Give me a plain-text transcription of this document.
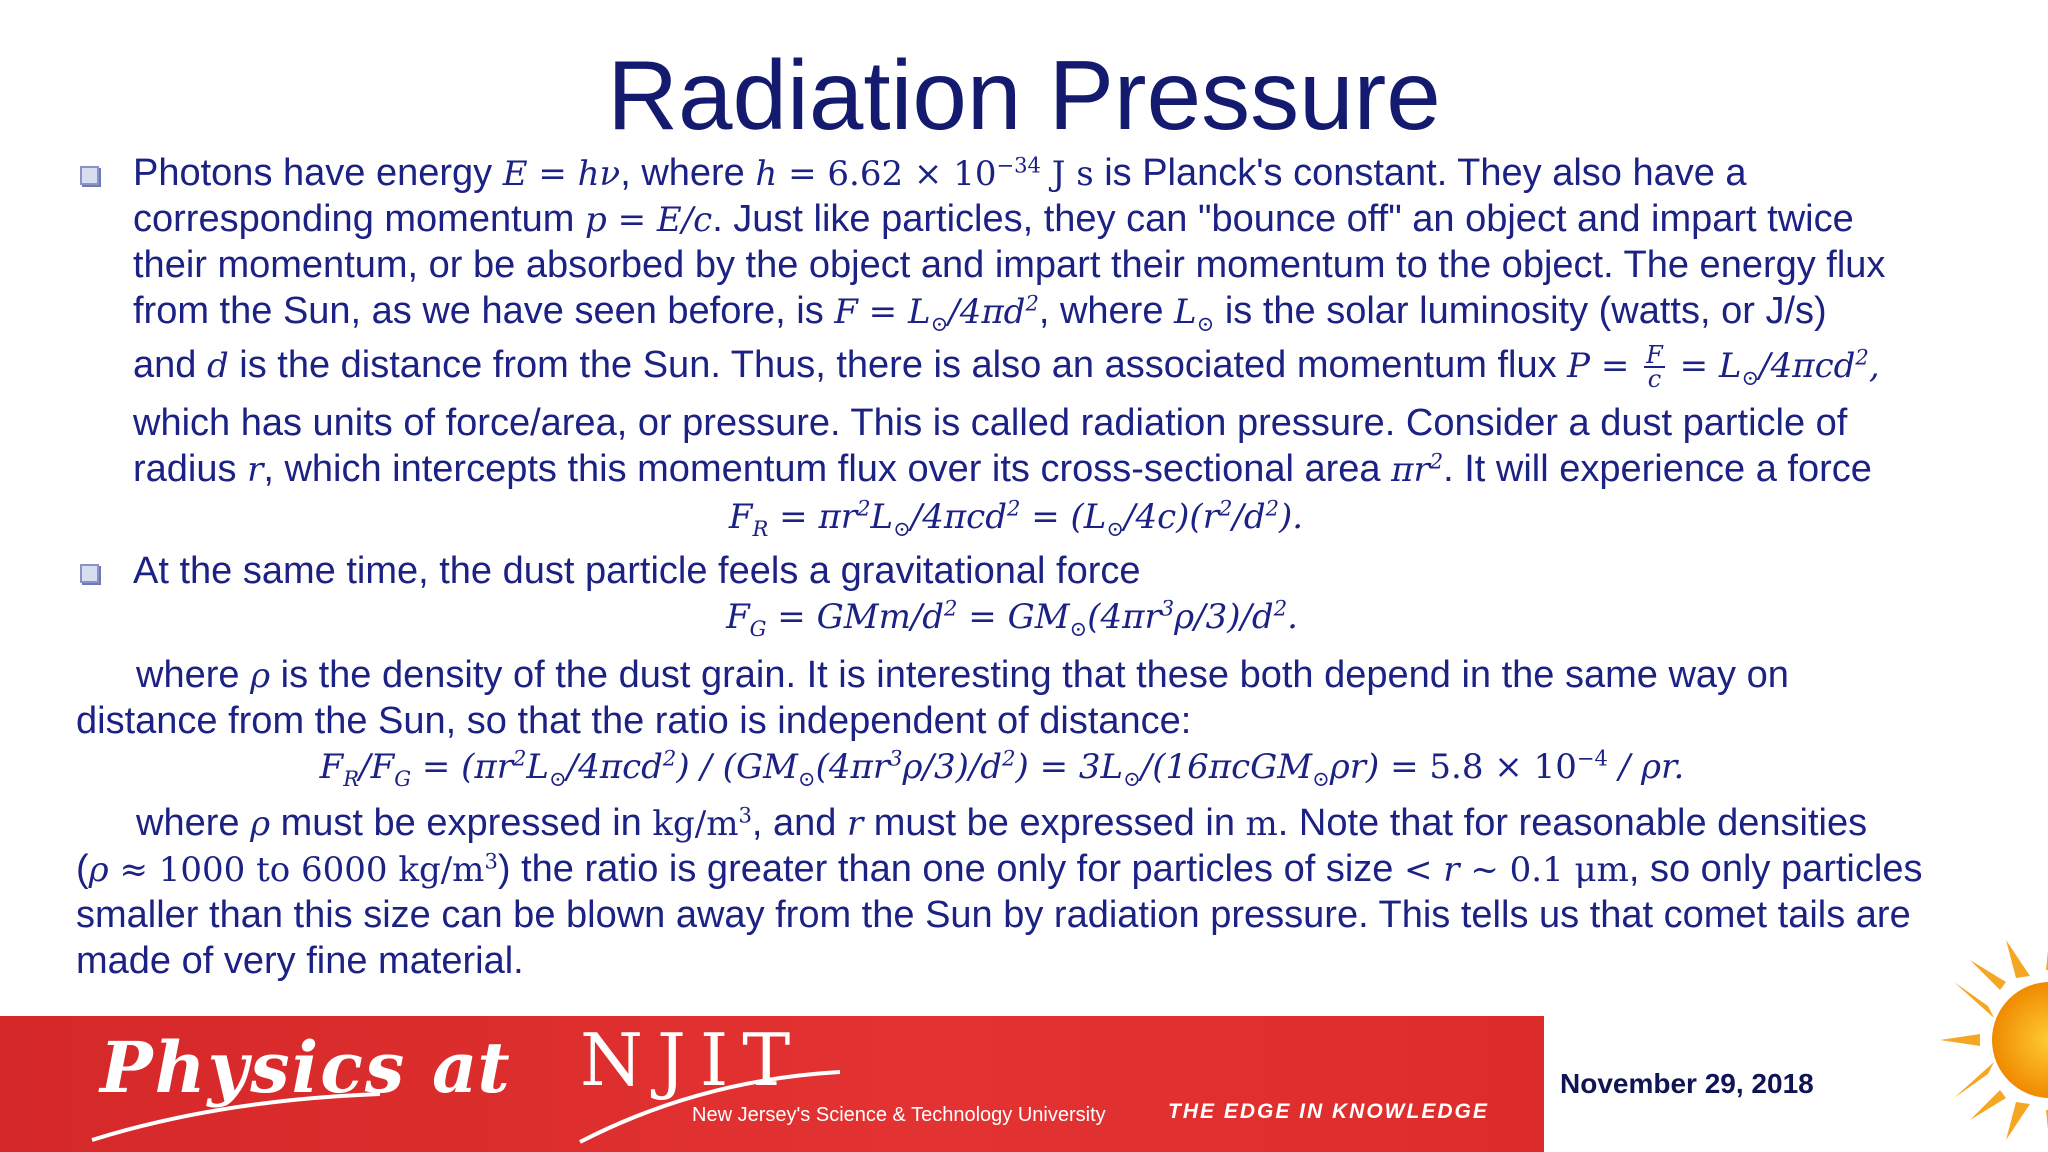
Radiation Pressure
Photons have energy E = hν, where $h = 6.62 \times 10^{-34}$ J s is Planck's constant. They also have a
corresponding momentum p = E/c. Just like particles, they can "bounce off" an object and impart twice
their momentum, or be absorbed by the object and impart their momentum to the object. The energy flux
from the Sun, as we have seen before, is $F = L_⊙/4\pi d^2$, where $L_⊙$ is the solar luminosity (watts, or J/s)
and d is the distance from the Sun. Thus, there is also an associated momentum flux $P = \frac{F}{c} = L_⊙/4\pi cd^2$,
which has units of force/area, or pressure. This is called radiation pressure. Consider a dust particle of
radius r, which intercepts this momentum flux over its cross-sectional area $\pi r^2$. It will experience a force
$F_R = \pi r^2L_⊙/4\pi cd^2 = (L_⊙/4c)(r^2/d^2)$.
At the same time, the dust particle feels a gravitational force
$F_G = GMm/d^2 = GM_⊙(4\pi r^3\rho/3)/d^2$.
where ρ is the density of the dust grain. It is interesting that these both depend in the same way on
distance from the Sun, so that the ratio is independent of distance:
$F_R/F_G = (\pi r^2L_⊙/4\pi cd^2) / (GM_⊙(4\pi r^3\rho/3)/d^2) = 3L_⊙/(16\pi cGM_⊙\rho r) = 5.8 \times 10^{-4} / \rho r$.
where ρ must be expressed in $kg/m^3$, and r must be expressed in m. Note that for reasonable densities
(ρ ≈ 1000 to 6000 $kg/m^3$) the ratio is greater than one only for particles of size < r ~ 0.1 μm, so only particles
smaller than this size can be blown away from the Sun by radiation pressure. This tells us that comet tails are
made of very fine material.
Physics at NJIT
New Jersey's Science & Technology University	THE EDGE IN KNOWLEDGE
November 29, 2018
